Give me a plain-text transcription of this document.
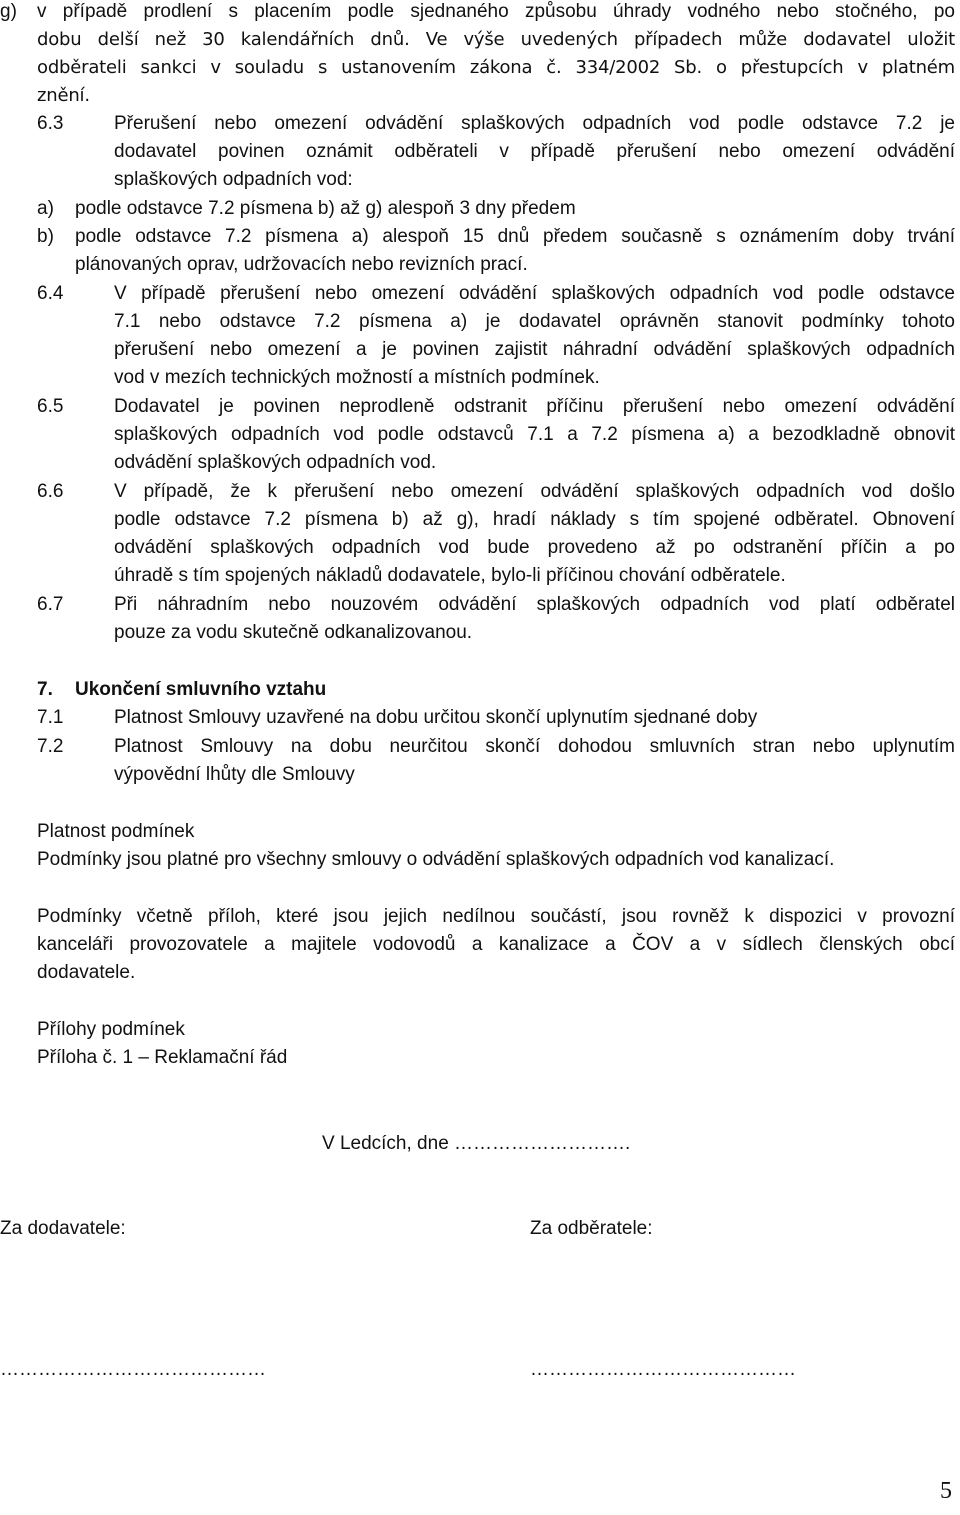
g) v případě prodlení s placením podle sjednaného způsobu úhrady vodného nebo stočného, po
dobu delší než 30 kalendářních dnů. Ve výše uvedených případech může dodavatel uložit
odběrateli sankci v souladu s ustanovením zákona č. 334/2002 Sb. o přestupcích v platném
znění.
6.3	Přerušení nebo omezení odvádění splaškových odpadních vod podle odstavce 7.2 je
dodavatel povinen oznámit odběrateli v případě přerušení nebo omezení odvádění
splaškových odpadních vod:
a) podle odstavce 7.2 písmena b) až g) alespoň 3 dny předem
b) podle odstavce 7.2 písmena a) alespoň 15 dnů předem současně s oznámením doby trvání
plánovaných oprav, udržovacích nebo revizních prací.
6.4	V případě přerušení nebo omezení odvádění splaškových odpadních vod podle odstavce
7.1 nebo odstavce 7.2 písmena a) je dodavatel oprávněn stanovit podmínky tohoto
přerušení nebo omezení a je povinen zajistit náhradní odvádění splaškových odpadních
vod v mezích technických možností a místních podmínek.
6.5	Dodavatel je povinen neprodleně odstranit příčinu přerušení nebo omezení odvádění
splaškových odpadních vod podle odstavců 7.1 a 7.2 písmena a) a bezodkladně obnovit
odvádění splaškových odpadních vod.
6.6	V případě, že k přerušení nebo omezení odvádění splaškových odpadních vod došlo
podle odstavce 7.2 písmena b) až g), hradí náklady s tím spojené odběratel. Obnovení
odvádění splaškových odpadních vod bude provedeno až po odstranění příčin a po
úhradě s tím spojených nákladů dodavatele, bylo-li příčinou chování odběratele.
6.7	Při náhradním nebo nouzovém odvádění splaškových odpadních vod platí odběratel
pouze za vodu skutečně odkanalizovanou.
7. Ukončení smluvního vztahu
7.1	Platnost Smlouvy uzavřené na dobu určitou skončí uplynutím sjednané doby
7.2	Platnost Smlouvy na dobu neurčitou skončí dohodou smluvních stran nebo uplynutím
výpovědní lhůty dle Smlouvy
Platnost podmínek
Podmínky jsou platné pro všechny smlouvy o odvádění splaškových odpadních vod kanalizací.
Podmínky včetně příloh, které jsou jejich nedílnou součástí, jsou rovněž k dispozici v provozní
kanceláři provozovatele a majitele vodovodů a kanalizace a ČOV a v sídlech členských obcí
dodavatele.
Přílohy podmínek
Příloha č. 1 – Reklamační řád
V Ledcích, dne ……………………….
Za dodavatele:	Za odběratele:
……………………………………	……………………………………
5
